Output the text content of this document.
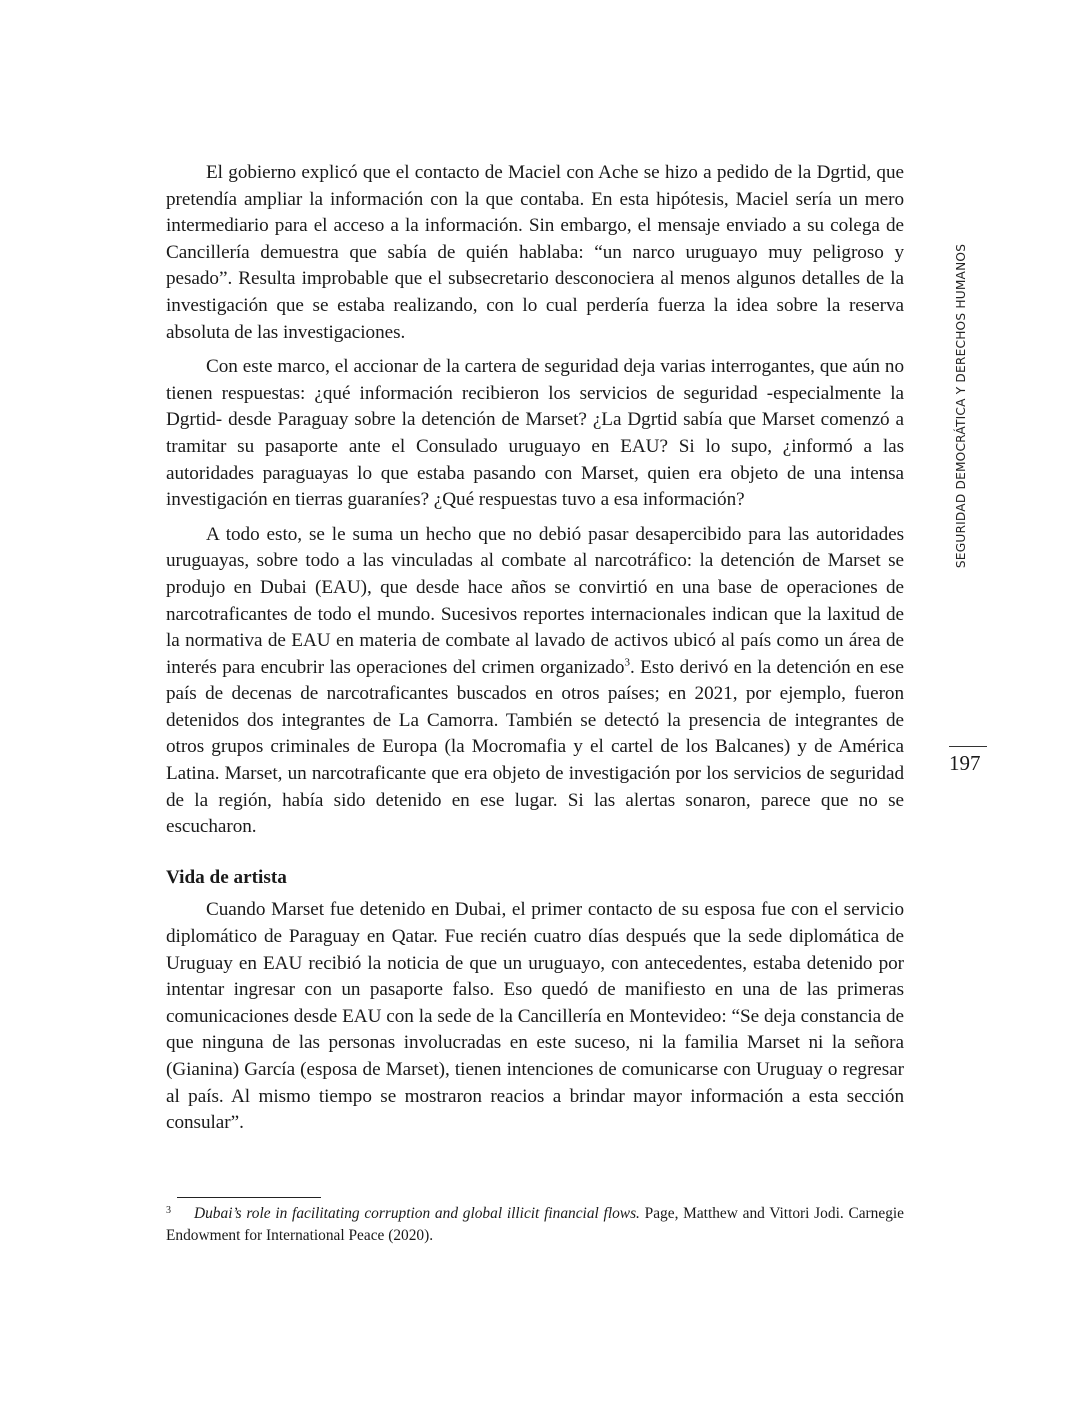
El gobierno explicó que el contacto de Maciel con Ache se hizo a pedido de la Dgrtid, que pretendía ampliar la información con la que contaba. En esta hipótesis, Maciel sería un mero intermediario para el acceso a la información. Sin embargo, el mensaje enviado a su colega de Cancillería demuestra que sabía de quién hablaba: “un narco uruguayo muy peligroso y pesado”. Resulta improbable que el subsecretario desconociera al menos algunos detalles de la investigación que se estaba realizando, con lo cual perdería fuerza la idea sobre la reserva absoluta de las investigaciones.

Con este marco, el accionar de la cartera de seguridad deja varias interrogantes, que aún no tienen respuestas: ¿qué información recibieron los servicios de seguridad -especialmente la Dgrtid- desde Paraguay sobre la detención de Marset? ¿La Dgrtid sabía que Marset comenzó a tramitar su pasaporte ante el Consulado uruguayo en EAU? Si lo supo, ¿informó a las autoridades paraguayas lo que estaba pasando con Marset, quien era objeto de una intensa investigación en tierras guaraníes? ¿Qué respuestas tuvo a esa información?

A todo esto, se le suma un hecho que no debió pasar desapercibido para las autoridades uruguayas, sobre todo a las vinculadas al combate al narcotráfico: la detención de Marset se produjo en Dubai (EAU), que desde hace años se convirtió en una base de operaciones de narcotraficantes de todo el mundo. Sucesivos reportes internacionales indican que la laxitud de la normativa de EAU en materia de combate al lavado de activos ubicó al país como un área de interés para encubrir las operaciones del crimen organizado$^3$. Esto derivó en la detención en ese país de decenas de narcotraficantes buscados en otros países; en 2021, por ejemplo, fueron detenidos dos integrantes de La Camorra. También se detectó la presencia de integrantes de otros grupos criminales de Europa (la Mocromafia y el cartel de los Balcanes) y de América Latina. Marset, un narcotraficante que era objeto de investigación por los servicios de seguridad de la región, había sido detenido en ese lugar. Si las alertas sonaron, parece que no se escucharon.

Vida de artista

Cuando Marset fue detenido en Dubai, el primer contacto de su esposa fue con el servicio diplomático de Paraguay en Qatar. Fue recién cuatro días después que la sede diplomática de Uruguay en EAU recibió la noticia de que un uruguayo, con antecedentes, estaba detenido por intentar ingresar con un pasaporte falso. Eso quedó de manifiesto en una de las primeras comunicaciones desde EAU con la sede de la Cancillería en Montevideo: “Se deja constancia de que ninguna de las personas involucradas en este suceso, ni la familia Marset ni la señora (Gianina) García (esposa de Marset), tienen intenciones de comunicarse con Uruguay o regresar al país. Al mismo tiempo se mostraron reacios a brindar mayor información a esta sección consular”.

SEGURIDAD DEMOCRÁTICA Y DERECHOS HUMANOS
197
3 Dubai’s role in facilitating corruption and global illicit financial flows. Page, Matthew and Vittori Jodi. Carnegie Endowment for International Peace (2020).
